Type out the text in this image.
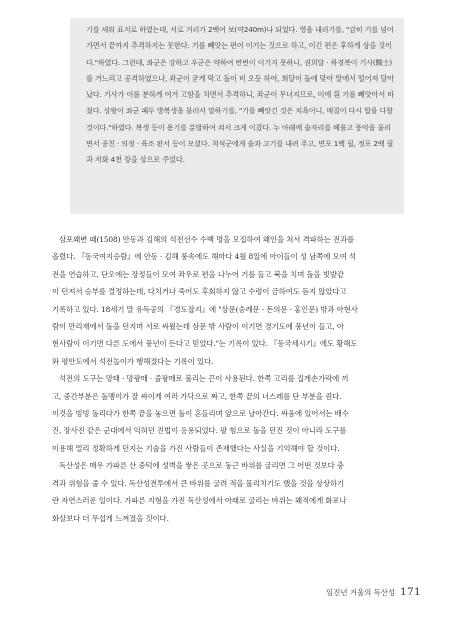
기를 세워 표지로 하였는데, 서로 거리가 2백여 보(약240m)나 되었다. 영을 내리기를, "감히 기를 넘어

가면서 끝까지 추격하지는 못한다. 기를 빼앗는 편이 이기는 것으로 하고, 이긴 편은 후하게 상을 것이

다."하였다. 그런데, 좌군은 강하고 우군은 약하여 번번이 이기지 못하니, 권희달 · 하경복이 기사(騎士)

를 거느리고 공격하였으나, 좌군이 굳게 막고 돌이 비 오듯 하여, 희달이 돌에 맞아 말에서 떨어져 달아

났다. 기사가 이를 분하게 여겨 고함을 치면서 추격하니, 좌군이 무너지므로, 이에 흰 기를 빼앗아서 바

쳤다. 상왕이 좌군 패두 방복생을 불러서 말하기를, "기를 빼앗긴 것은 치욕이니, 매질이 다시 합을 다할

것이다."하였다. 복생 등이 용기를 분발하여 쳐서 크게 이겼다. 누 아래에 술자리를 베풀고 풍악을 울리

면서 종친 · 의정 · 육조 판서 등이 모셨다. 척석군에게 술과 고기를 내려 주고, 면포 1백 필, 정포 2백 필

과 저화 4천 장을 상으로 주었다.

삼포왜변 때(1508) 안동과 김해의 석전선수 수백 명을 모집하여 왜인을 쳐서 격파하는 전과를

올렸다. 『동국여지승람』에 안동 · 김해 풍속에도 해마다 4월 8일에 아이들이 성 남쪽에 모여 석

전을 연습하고, 단오에는 장정들이 모여 좌우로 편을 나누어 기를 들고 북을 치며 돌을 빗발같

이 던져서 승부를 결정하는데, 다치거나 죽어도 후회하지 않고 수령이 금하여도 듣지 않았다고

기록하고 있다. 18세기 말 유득공의 『경도잡지』에 "삼문(숭례문 · 돈의문 · 홍인문) 밖과 아현사

람이 만리재에서 돌을 던지며 서로 싸웠는데 삼문 밖 사람이 이기면 경기도에 풍년이 들고, 아

현사람이 이기면 다른 도에서 풍년이 든다고 믿었다."는 기록이 있다. 『동국세시기』에도 황해도

와 평안도에서 석전놀이가 행해졌다는 기록이 있다.

석전의 도구는 망태 · 망팡매 · 줄팡매로 불리는 끈이 사용된다. 한쪽 고리를 집게손가락에 끼

고, 중간부분은 돌멩이가 잘 싸이게 여러 가닥으로 짜고, 한쪽 끝의 너스레를 단 부분을 쥔다.

이것을 빙빙 돌리다가 한쪽 끝을 놓으면 돌이 흔들리며 앞으로 날아간다. 싸움에 있어서는 배수

진, 장사진 같은 군대에서 익혀던 진법이 응용되었다. 팔 힘으로 돌을 던진 것이 아니라 도구를

이용해 멀리 정확하게 던지는 기술을 가진 사람들이 존재했다는 사실을 기억해야 할 것이다.

독산성은 매우 가파른 산 중턱에 성벽을 쌓은 곳으로 둥근 바위를 굴리면 그 어떤 것보다 충

격과 위험을 줄 수 있다. 독산성전투에서 큰 바위를 굴려 적을 물리치기도 했을 것을 상상하기

란 자연스러운 일이다. 가파른 지형을 가진 독산성에서 아래로 굴리는 바위는 왜적에게 화포나

화살보다 더 무섭게 느껴졌을 것이다.

임진년 겨울의 독산성 171
